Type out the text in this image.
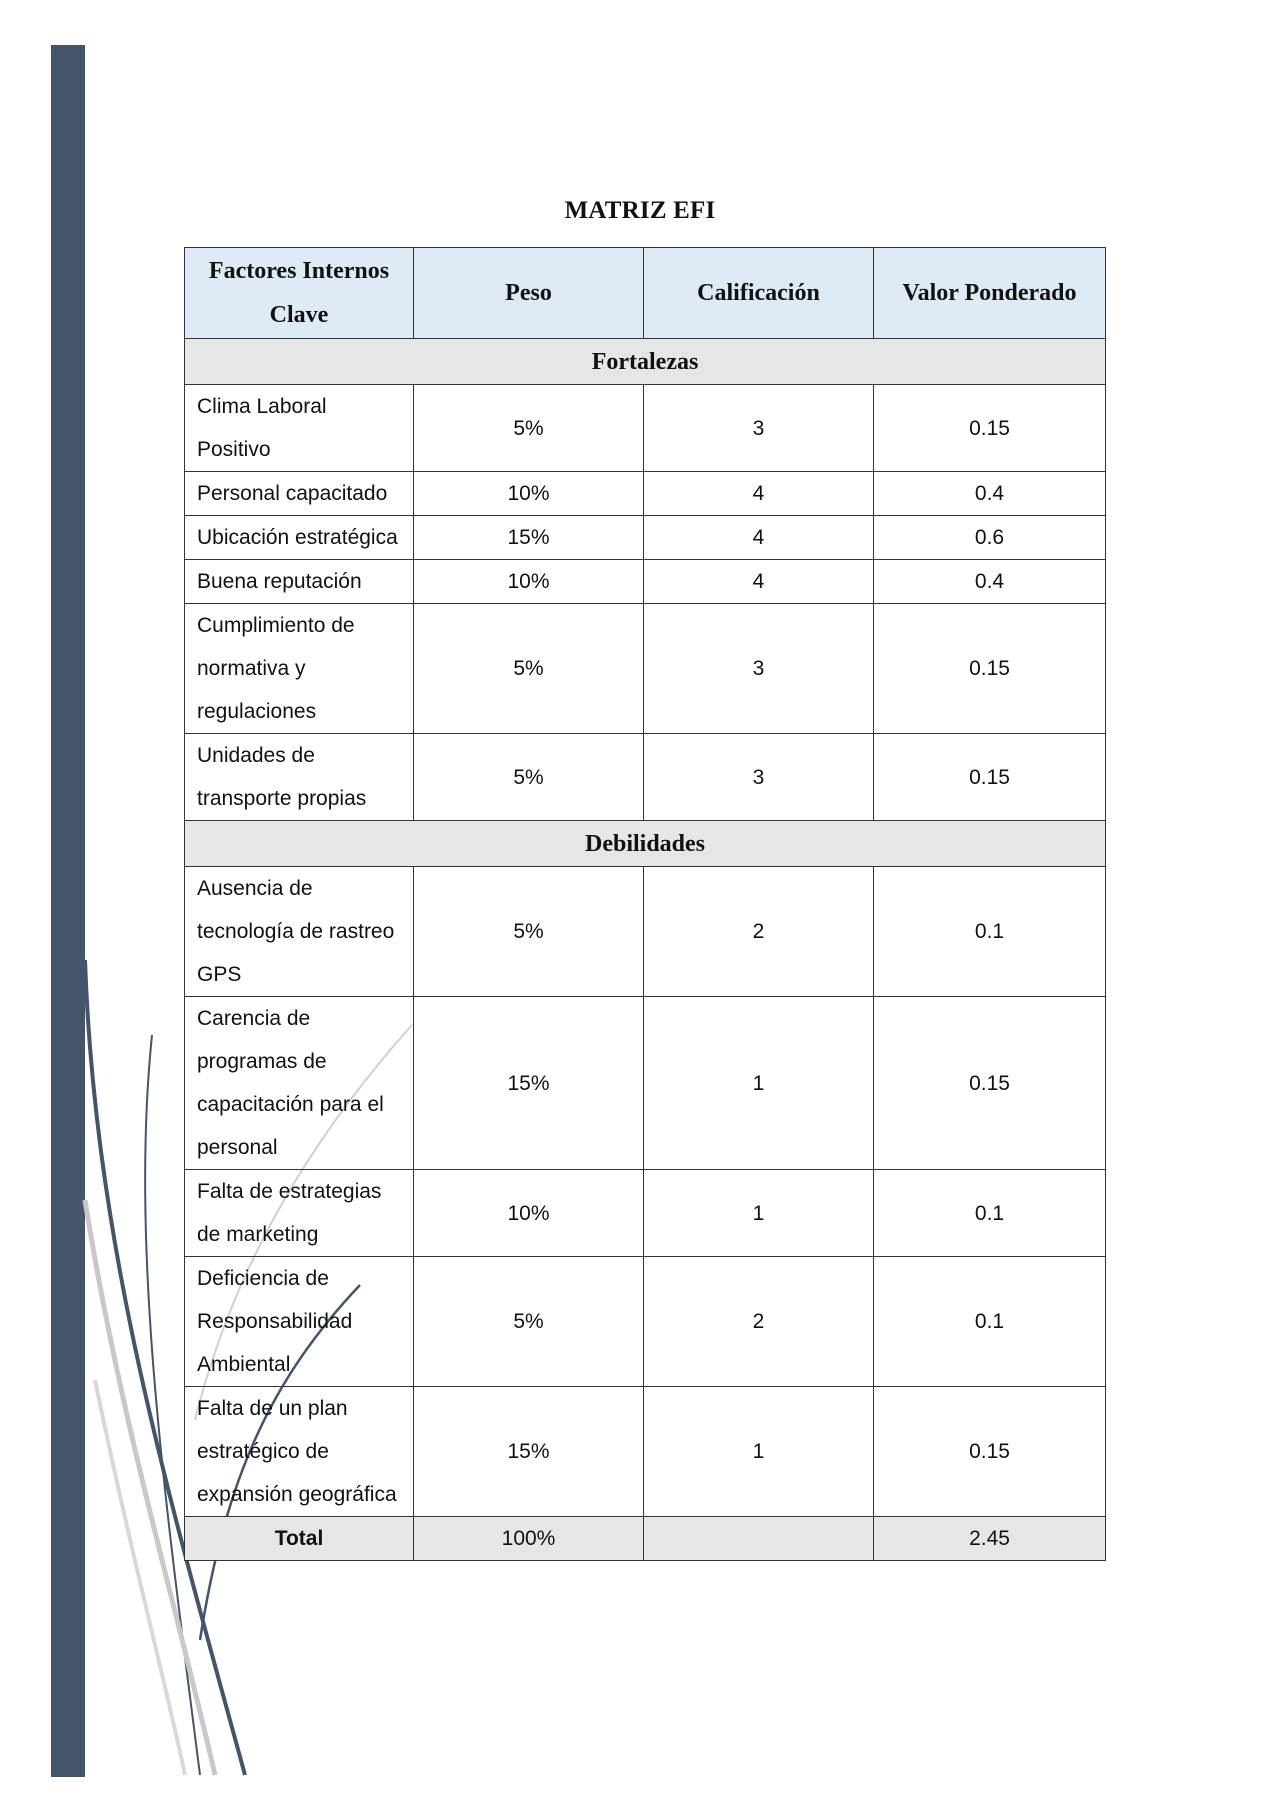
MATRIZ EFI
Factores Internos Clave	Peso	Calificación	Valor Ponderado
Fortalezas			
Clima Laboral Positivo	5%	3	0.15
Personal capacitado	10%	4	0.4
Ubicación estratégica	15%	4	0.6
Buena reputación	10%	4	0.4
Cumplimiento de normativa y regulaciones	5%	3	0.15
Unidades de transporte propias	5%	3	0.15
Debilidades			
Ausencia de tecnología de rastreo GPS	5%	2	0.1
Carencia de programas de capacitación para el personal	15%	1	0.15
Falta de estrategias de marketing	10%	1	0.1
Deficiencia de Responsabilidad Ambiental	5%	2	0.1
Falta de un plan estratégico de expansión geográfica	15%	1	0.15
Total	100%		2.45
